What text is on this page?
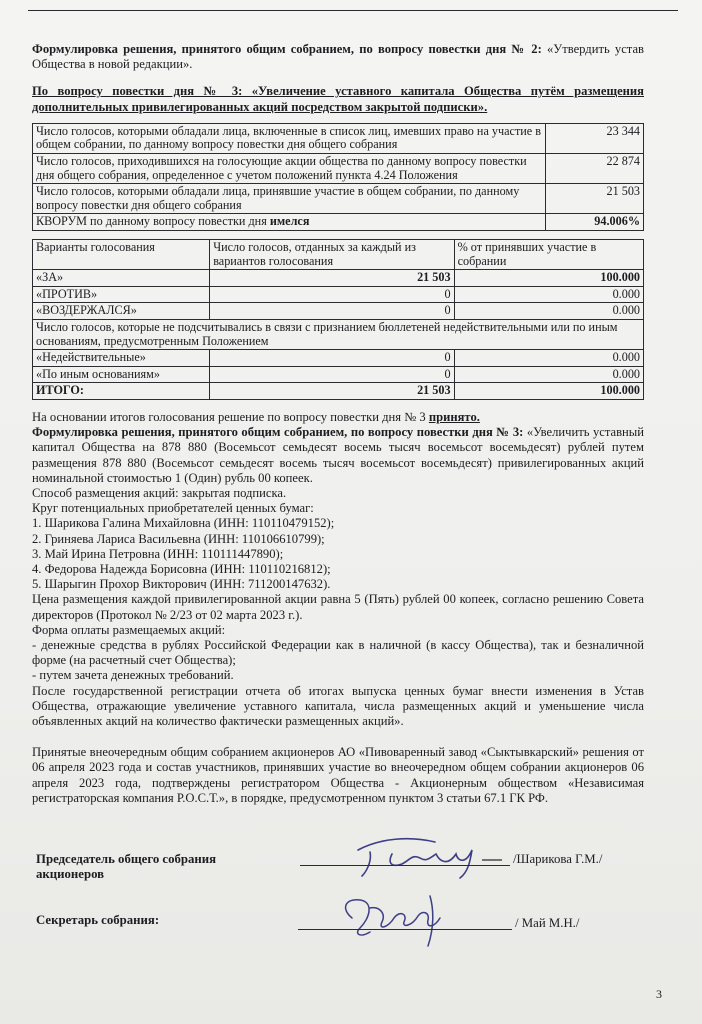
Формулировка решения, принятого общим собранием, по вопросу повестки дня № 2: «Утвердить устав Общества в новой редакции».

По вопросу повестки дня № 3: «Увеличение уставного капитала Общества путём размещения дополнительных привилегированных акций посредством закрытой подписки».

Число голосов, которыми обладали лица, включенные в список лиц, имевших право на участие в общем собрании, по данному вопросу повестки дня общего собрания	23 344
Число голосов, приходившихся на голосующие акции общества по данному вопросу повестки дня общего собрания, определенное с учетом положений пункта 4.24 Положения	22 874
Число голосов, которыми обладали лица, принявшие участие в общем собрании, по данному вопросу повестки дня общего собрания	21 503
КВОРУМ по данному вопросу повестки дня имелся	94.006%
Варианты голосования	Число голосов, отданных за каждый из вариантов голосования	% от принявших участие в собрании
«ЗА»	21 503	100.000
«ПРОТИВ»	0	0.000
«ВОЗДЕРЖАЛСЯ»	0	0.000
Число голосов, которые не подсчитывались в связи с признанием бюллетеней недействительными или по иным основаниям, предусмотренным Положением		
«Недействительные»	0	0.000
«По иным основаниям»	0	0.000
ИТОГО:	21 503	100.000

На основании итогов голосования решение по вопросу повестки дня № 3 принято.

Формулировка решения, принятого общим собранием, по вопросу повестки дня № 3: «Увеличить уставный капитал Общества на 878 880 (Восемьсот семьдесят восемь тысяч восемьсот восемьдесят) рублей путем размещения 878 880 (Восемьсот семьдесят восемь тысяч восемьсот восемьдесят) привилегированных акций номинальной стоимостью 1 (Один) рубль 00 копеек.

Способ размещения акций: закрытая подписка.

Круг потенциальных приобретателей ценных бумаг:

1. Шарикова Галина Михайловна (ИНН: 110110479152);

2. Гриняева Лариса Васильевна (ИНН: 110106610799);

3. Май Ирина Петровна (ИНН: 110111447890);

4. Федорова Надежда Борисовна (ИНН: 110110216812);

5. Шарыгин Прохор Викторович (ИНН: 711200147632).

Цена размещения каждой привилегированной акции равна 5 (Пять) рублей 00 копеек, согласно решению Совета директоров (Протокол № 2/23 от 02 марта 2023 г.).

Форма оплаты размещаемых акций:

- денежные средства в рублях Российской Федерации как в наличной (в кассу Общества), так и безналичной форме (на расчетный счет Общества);

- путем зачета денежных требований.

После государственной регистрации отчета об итогах выпуска ценных бумаг внести изменения в Устав Общества, отражающие увеличение уставного капитала, числа размещенных акций и уменьшение числа объявленных акций на количество фактически размещенных акций».

Принятые внеочередным общим собранием акционеров АО «Пивоваренный завод «Сыктывкарский» решения от 06 апреля 2023 года и состав участников, принявших участие во внеочередном общем собрании акционеров 06 апреля 2023 года, подтверждены регистратором Общества - Акционерным обществом «Независимая регистраторская компания Р.О.С.Т.», в порядке, предусмотренном пунктом 3 статьи 67.1 ГК РФ.

Председатель общего собрания
акционеров
/Шарикова Г.М./
Секретарь собрания:	/ Май М.Н./
3
